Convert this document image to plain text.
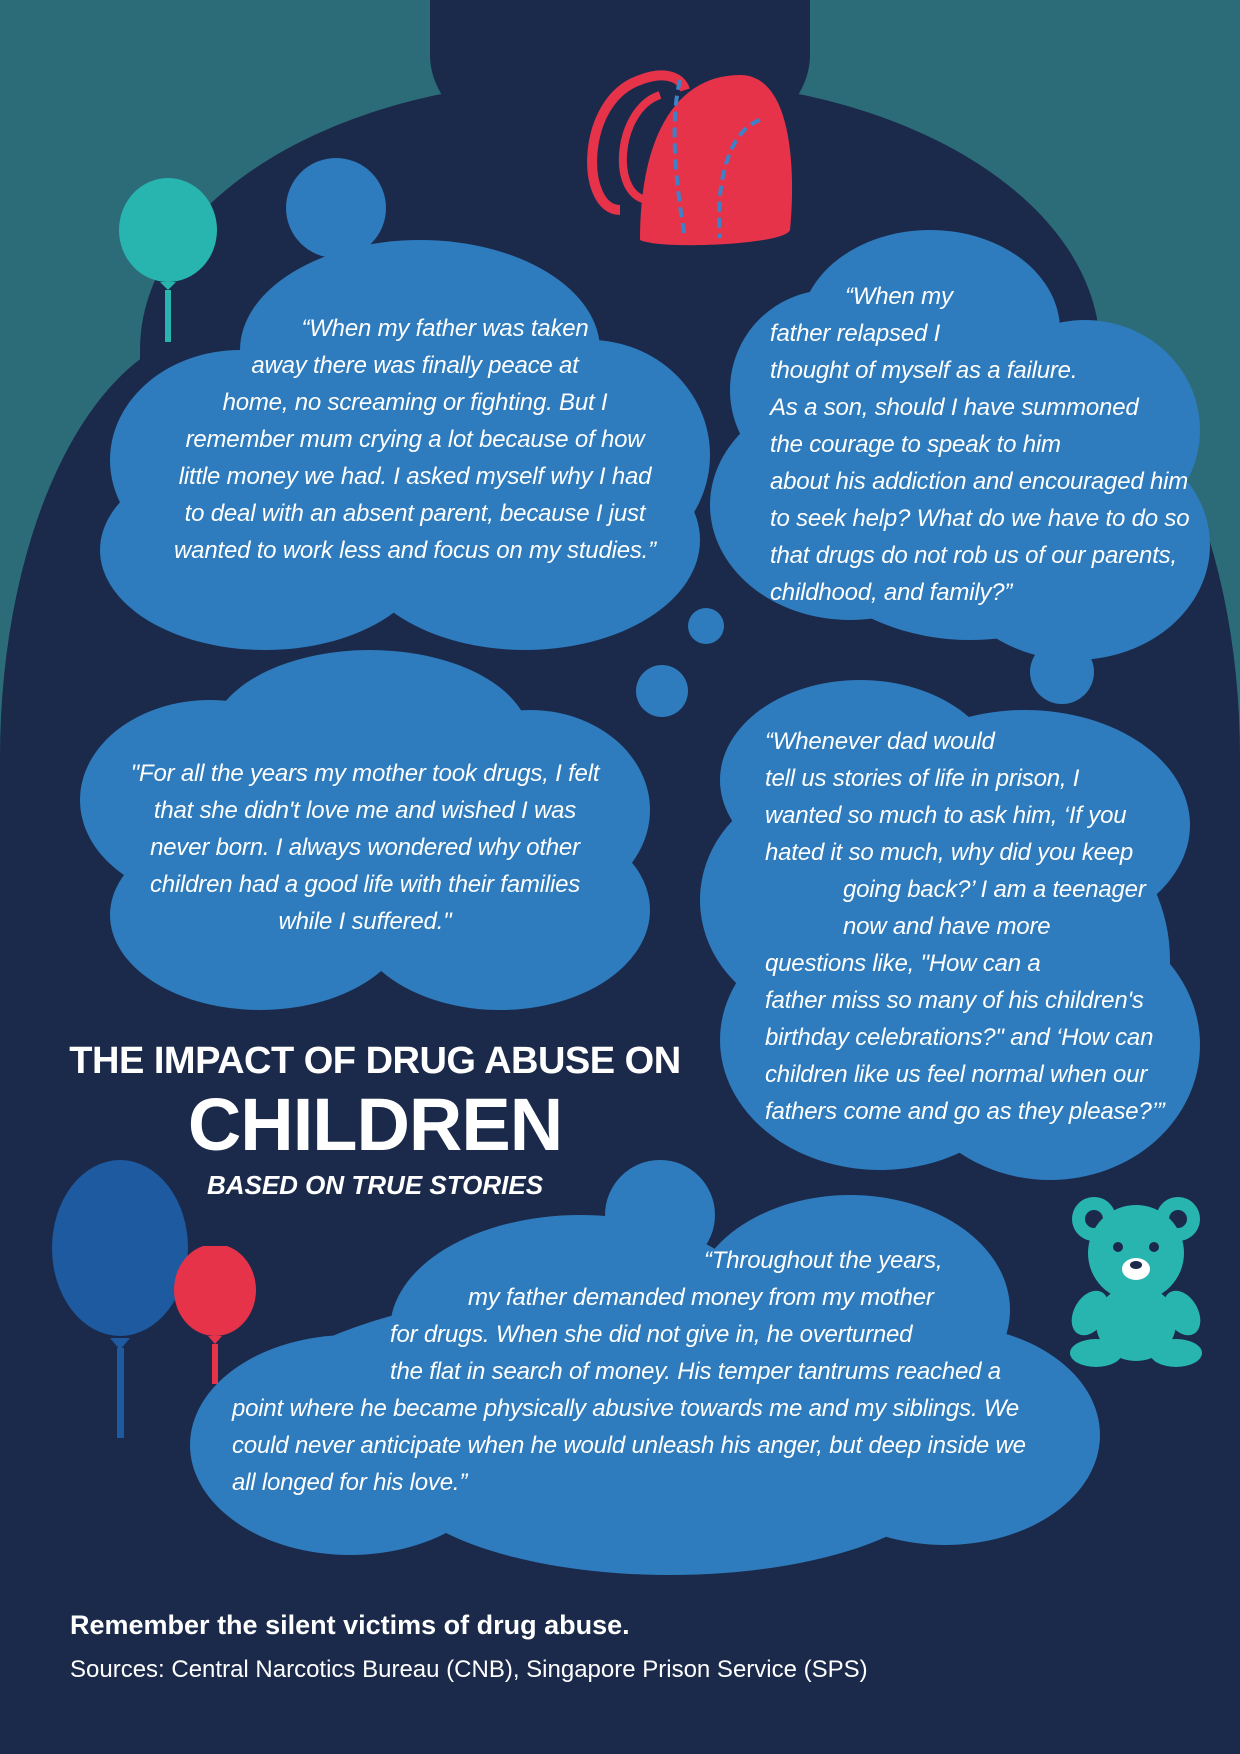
“When my father was taken
away there was finally peace at
home, no screaming or fighting. But I
remember mum crying a lot because of how
little money we had. I asked myself why I had
to deal with an absent parent, because I just
wanted to work less and focus on my studies.”
“When my
father relapsed I
thought of myself as a failure.
As a son, should I have summoned
the courage to speak to him
about his addiction and encouraged him
to seek help? What do we have to do so
that drugs do not rob us of our parents,
childhood, and family?”
"For all the years my mother took drugs, I felt
that she didn't love me and wished I was
never born. I always wondered why other
children had a good life with their families
while I suffered."
“Whenever dad would
tell us stories of life in prison, I
wanted so much to ask him, ‘If you
hated it so much, why did you keep
going back?’ I am a teenager
now and have more
questions like, "How can a
father miss so many of his children's
birthday celebrations?" and ‘How can
children like us feel normal when our
fathers come and go as they please?’”
THE IMPACT OF DRUG ABUSE ON
CHILDREN
BASED ON TRUE STORIES
“Throughout the years,
my father demanded money from my mother
for drugs. When she did not give in, he overturned
the flat in search of money. His temper tantrums reached a
point where he became physically abusive towards me and my siblings. We
could never anticipate when he would unleash his anger, but deep inside we
all longed for his love.”
Remember the silent victims of drug abuse.
Sources: Central Narcotics Bureau (CNB), Singapore Prison Service (SPS)
